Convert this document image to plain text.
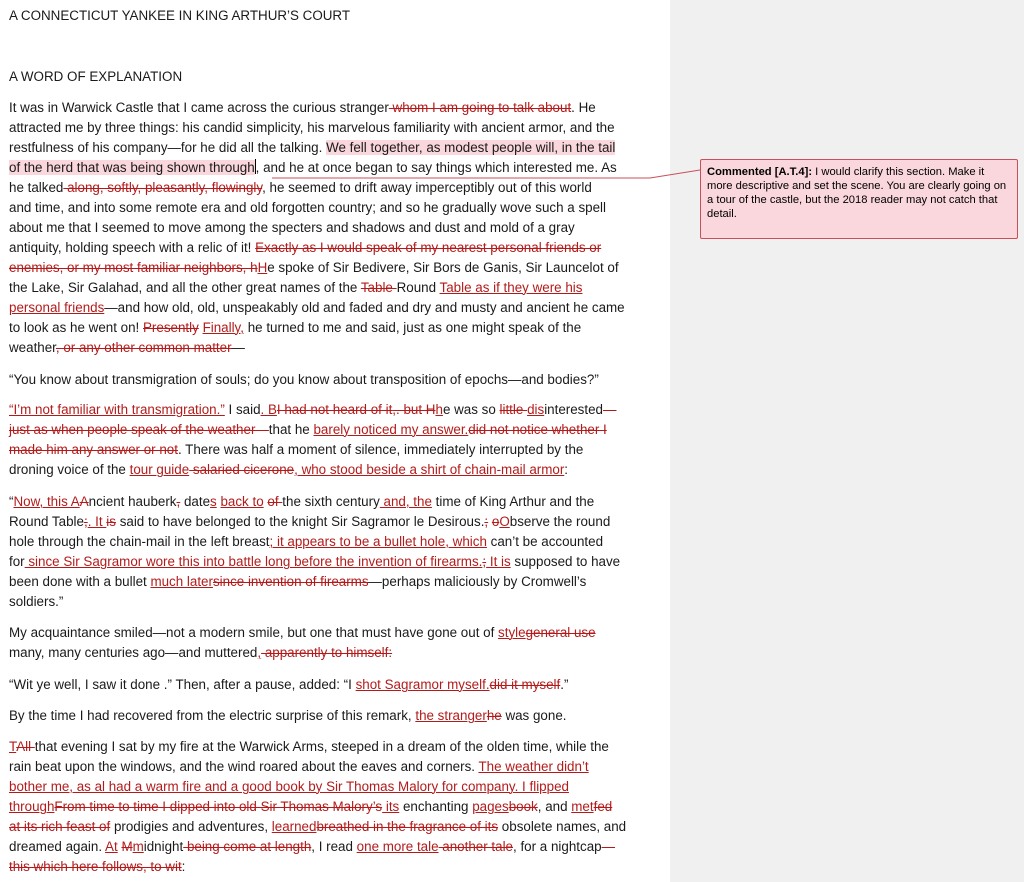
A CONNECTICUT YANKEE IN KING ARTHUR’S COURT
A WORD OF EXPLANATION
It was in Warwick Castle that I came across the curious stranger whom I am going to talk about. He
attracted me by three things: his candid simplicity, his marvelous familiarity with ancient armor, and the
restfulness of his company—for he did all the talking. We fell together, as modest people will, in the tail
of the herd that was being shown through, and he at once began to say things which interested me. As
he talked along, softly, pleasantly, flowingly, he seemed to drift away imperceptibly out of this world
and time, and into some remote era and old forgotten country; and so he gradually wove such a spell
about me that I seemed to move among the specters and shadows and dust and mold of a gray
antiquity, holding speech with a relic of it! Exactly as I would speak of my nearest personal friends or
enemies, or my most familiar neighbors, hHe spoke of Sir Bedivere, Sir Bors de Ganis, Sir Launcelot of
the Lake, Sir Galahad, and all the other great names of the Table Round Table as if they were his
personal friends—and how old, old, unspeakably old and faded and dry and musty and ancient he came
to look as he went on! Presently Finally, he turned to me and said, just as one might speak of the
weather, or any other common matter—
“You know about transmigration of souls; do you know about transposition of epochs—and bodies?”
“I’m not familiar with transmigration.” I said. BI had not heard of it,. but Hhe was so little disinterested—
just as when people speak of the weather—that he barely noticed my answer.did not notice whether I
made him any answer or not. There was half a moment of silence, immediately interrupted by the
droning voice of the tour guide salaried cicerone, who stood beside a shirt of chain-mail armor:
“Now, this AAncient hauberk, dates back to of the sixth century and, the time of King Arthur and the
Round Table;. It is said to have belonged to the knight Sir Sagramor le Desirous.; oObserve the round
hole through the chain-mail in the left breast; it appears to be a bullet hole, which can’t be accounted
for since Sir Sagramor wore this into battle long before the invention of firearms.; It is supposed to have
been done with a bullet much latersince invention of firearms—perhaps maliciously by Cromwell’s
soldiers.”
My acquaintance smiled—not a modern smile, but one that must have gone out of stylegeneral use
many, many centuries ago—and muttered, apparently to himself:
“Wit ye well, I saw it done .” Then, after a pause, added: “I shot Sagramor myself.did it myself.”
By the time I had recovered from the electric surprise of this remark, the strangerhe was gone.
TAll that evening I sat by my fire at the Warwick Arms, steeped in a dream of the olden time, while the
rain beat upon the windows, and the wind roared about the eaves and corners. The weather didn’t
bother me, as al had a warm fire and a good book by Sir Thomas Malory for company. I flipped
throughFrom time to time I dipped into old Sir Thomas Malory’s its enchanting pagesbook, and metfed
at its rich feast of prodigies and adventures, learnedbreathed in the fragrance of its obsolete names, and
dreamed again. At Mmidnight being come at length, I read one more tale another tale, for a nightcap—
this which here follows, to wit:
Commented [A.T.4]: I would clarify this section. Make it more descriptive and set the scene. You are clearly going on a tour of the castle, but the 2018 reader may not catch that detail.
